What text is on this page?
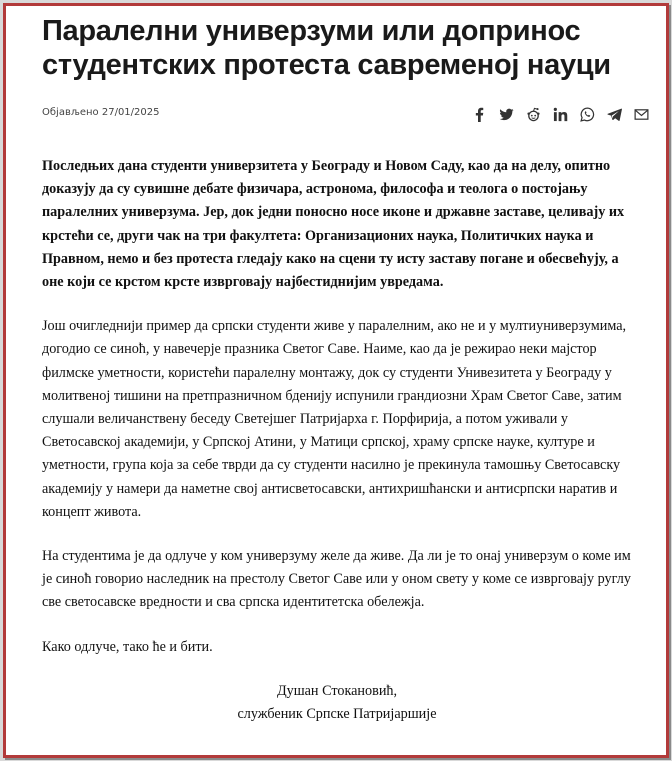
Паралелни универзуми или допринос студентских протеста савременој науци
Објављено 27/01/2025

Последњих дана студенти универзитета у Београду и Новом Саду, као да на делу, опитно доказују да су сувишне дебате физичара, астронома, философа и теолога о постојању паралелних универзума. Јер, док једни поносно носе иконе и државне заставе, целивају их крстећи се, други чак на три факултета: Организационих наука, Политичких наука и Правном, немо и без протеста гледају како на сцени ту исту заставу погане и обесвећују, а оне који се крстом крсте изврговају најбестиднијим увредама.

Још очигледнији пример да српски студенти живе у паралелним, ако не и у мултиуниверзумима, догодио се синоћ, у навечерје празника Светог Саве. Наиме, као да је режирао неки мајстор филмске уметности, користећи паралелну монтажу, док су студенти Унивезитета у Београду у молитвеној тишини на претпразничном бденију испунили грандиозни Храм Светог Саве, затим слушали величанствену беседу Светејшег Патријарха г. Порфирија, а потом уживали у Светосавској академији, у Српској Атини, у Матици српској, храму српске науке, културе и уметности, група која за себе тврди да су студенти насилно је прекинула тамошњу Светосавску академију у намери да наметне свој антисветосавски, антихришћански и антисрпски наратив и концепт живота.

На студентима је да одлуче у ком универзуму желе да живе. Да ли је то онај универзум о коме им је синоћ говорио наследник на престолу Светог Саве или у оном свету у коме се изврговају руглу све светосавске вредности и сва српска идентитетска обележја.

Како одлуче, тако ће и бити.

Душан Стокановић,
службеник Српске Патријаршије
